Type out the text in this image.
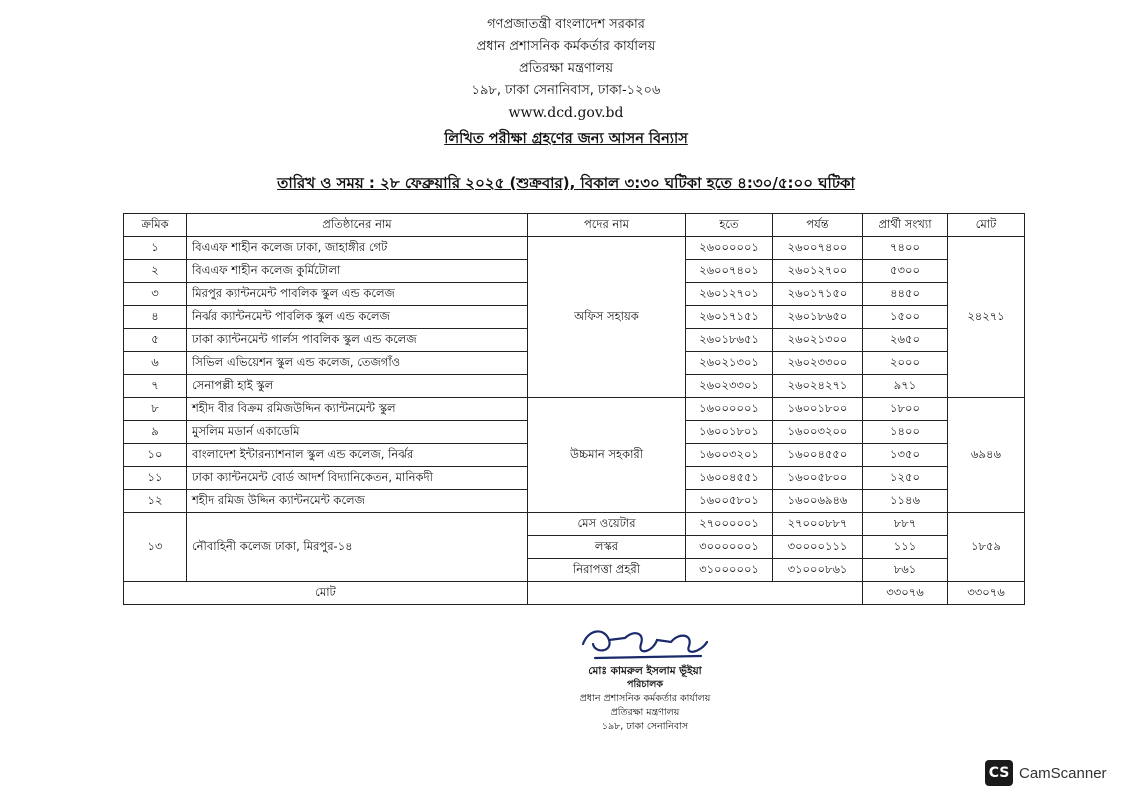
গণপ্রজাতন্ত্রী বাংলাদেশ সরকার
প্রধান প্রশাসনিক কর্মকর্তার কার্যালয়
প্রতিরক্ষা মন্ত্রণালয়
১৯৮, ঢাকা সেনানিবাস, ঢাকা-১২০৬
www.dcd.gov.bd
লিখিত পরীক্ষা গ্রহণের জন্য আসন বিন্যাস
তারিখ ও সময় : ২৮ ফেব্রুয়ারি ২০২৫ (শুক্রবার), বিকাল ৩:৩০ ঘটিকা হতে ৪:৩০/৫:০০ ঘটিকা
ক্রমিক	প্রতিষ্ঠানের নাম	পদের নাম	হতে	পর্যন্ত	প্রার্থী সংখ্যা	মোট
১	বিএএফ শাহীন কলেজ ঢাকা, জাহাঙ্গীর গেট	অফিস সহায়ক	২৬০০০০০১	২৬০০৭৪০০	৭৪০০	২৪২৭১
২	বিএএফ শাহীন কলেজ কুর্মিটোলা		২৬০০৭৪০১	২৬০১২৭০০	৫৩০০	
৩	মিরপুর ক্যান্টনমেন্ট পাবলিক স্কুল এন্ড কলেজ		২৬০১২৭০১	২৬০১৭১৫০	৪৪৫০	
৪	নির্ঝর ক্যান্টনমেন্ট পাবলিক স্কুল এন্ড কলেজ		২৬০১৭১৫১	২৬০১৮৬৫০	১৫০০	
৫	ঢাকা ক্যান্টনমেন্ট গার্লস পাবলিক স্কুল এন্ড কলেজ		২৬০১৮৬৫১	২৬০২১৩০০	২৬৫০	
৬	সিভিল এভিয়েশন স্কুল এন্ড কলেজ, তেজগাঁও		২৬০২১৩০১	২৬০২৩৩০০	২০০০	
৭	সেনাপল্লী হাই স্কুল		২৬০২৩৩০১	২৬০২৪২৭১	৯৭১	
৮	শহীদ বীর বিক্রম রমিজউদ্দিন ক্যান্টনমেন্ট স্কুল	উচ্চমান সহকারী	১৬০০০০০১	১৬০০১৮০০	১৮০০	৬৯৪৬
৯	মুসলিম মডার্ন একাডেমি		১৬০০১৮০১	১৬০০৩২০০	১৪০০	
১০	বাংলাদেশ ইন্টারন্যাশনাল স্কুল এন্ড কলেজ, নির্ঝর		১৬০০৩২০১	১৬০০৪৫৫০	১৩৫০	
১১	ঢাকা ক্যান্টনমেন্ট বোর্ড আদর্শ বিদ্যানিকেতন, মানিকদী		১৬০০৪৫৫১	১৬০০৫৮০০	১২৫০	
১২	শহীদ রমিজ উদ্দিন ক্যান্টনমেন্ট কলেজ		১৬০০৫৮০১	১৬০০৬৯৪৬	১১৪৬	
১৩	নৌবাহিনী কলেজ ঢাকা, মিরপুর-১৪	মেস ওয়েটার	২৭০০০০০১	২৭০০০৮৮৭	৮৮৭	১৮৫৯
		লস্কর	৩০০০০০০১	৩০০০০১১১	১১১	
		নিরাপত্তা প্রহরী	৩১০০০০০১	৩১০০০৮৬১	৮৬১	
মোট					৩৩০৭৬	৩৩০৭৬
মোঃ কামরুল ইসলাম ভূঁইয়া
পরিচালক
প্রধান প্রশাসনিক কর্মকর্তার কার্যালয়
প্রতিরক্ষা মন্ত্রণালয়
১৯৮, ঢাকা সেনানিবাস
CS CamScanner
